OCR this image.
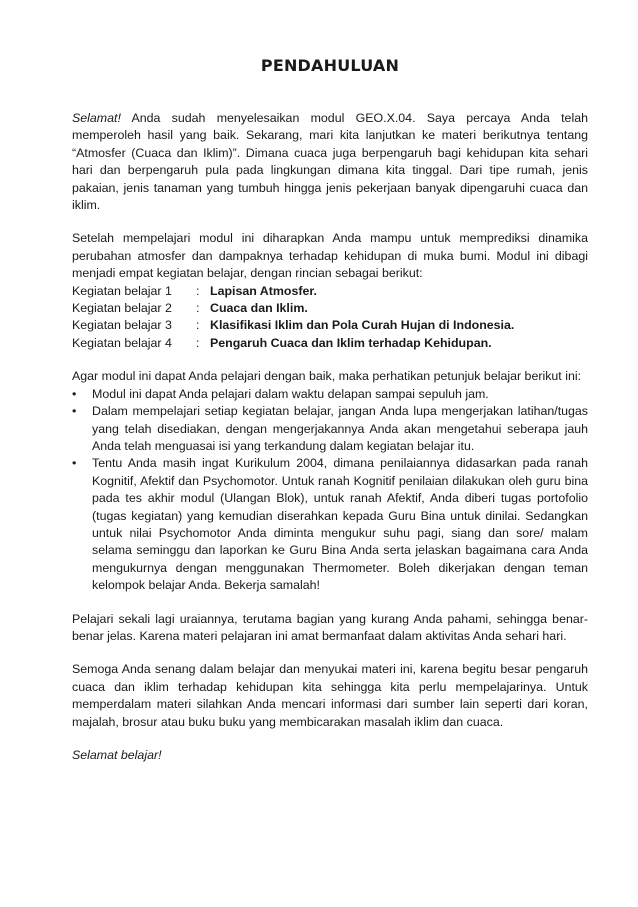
PENDAHULUAN

Selamat! Anda sudah menyelesaikan modul GEO.X.04. Saya percaya Anda telah memperoleh hasil yang baik. Sekarang, mari kita lanjutkan ke materi berikutnya tentang “Atmosfer (Cuaca dan Iklim)”. Dimana cuaca juga berpengaruh bagi kehidupan kita sehari hari dan berpengaruh pula pada lingkungan dimana kita tinggal. Dari tipe rumah, jenis pakaian, jenis tanaman yang tumbuh hingga jenis pekerjaan banyak dipengaruhi cuaca dan iklim.

Setelah mempelajari modul ini diharapkan Anda mampu untuk memprediksi dinamika perubahan atmosfer dan dampaknya terhadap kehidupan di muka bumi. Modul ini dibagi menjadi empat kegiatan belajar, dengan rincian sebagai berikut:
Kegiatan belajar 1	: Lapisan Atmosfer.
Kegiatan belajar 2	: Cuaca dan Iklim.
Kegiatan belajar 3	: Klasifikasi Iklim dan Pola Curah Hujan di Indonesia.
Kegiatan belajar 4	: Pengaruh Cuaca dan Iklim terhadap Kehidupan.
Agar modul ini dapat Anda pelajari dengan baik, maka perhatikan petunjuk belajar berikut ini:
• Modul ini dapat Anda pelajari dalam waktu delapan sampai sepuluh jam.
• Dalam mempelajari setiap kegiatan belajar, jangan Anda lupa mengerjakan latihan/tugas yang telah disediakan, dengan mengerjakannya Anda akan mengetahui seberapa jauh Anda telah menguasai isi yang terkandung dalam kegiatan belajar itu.
• Tentu Anda masih ingat Kurikulum 2004, dimana penilaiannya didasarkan pada ranah Kognitif, Afektif dan Psychomotor. Untuk ranah Kognitif penilaian dilakukan oleh guru bina pada tes akhir modul (Ulangan Blok), untuk ranah Afektif, Anda diberi tugas portofolio (tugas kegiatan) yang kemudian diserahkan kepada Guru Bina untuk dinilai. Sedangkan untuk nilai Psychomotor Anda diminta mengukur suhu pagi, siang dan sore/ malam selama seminggu dan laporkan ke Guru Bina Anda serta jelaskan bagaimana cara Anda mengukurnya dengan menggunakan Thermometer. Boleh dikerjakan dengan teman kelompok belajar Anda. Bekerja samalah!

Pelajari sekali lagi uraiannya, terutama bagian yang kurang Anda pahami, sehingga benar-benar jelas. Karena materi pelajaran ini amat bermanfaat dalam aktivitas Anda sehari hari.

Semoga Anda senang dalam belajar dan menyukai materi ini, karena begitu besar pengaruh cuaca dan iklim terhadap kehidupan kita sehingga kita perlu mempelajarinya. Untuk memperdalam materi silahkan Anda mencari informasi dari sumber lain seperti dari koran, majalah, brosur atau buku buku yang membicarakan masalah iklim dan cuaca.

Selamat belajar!
